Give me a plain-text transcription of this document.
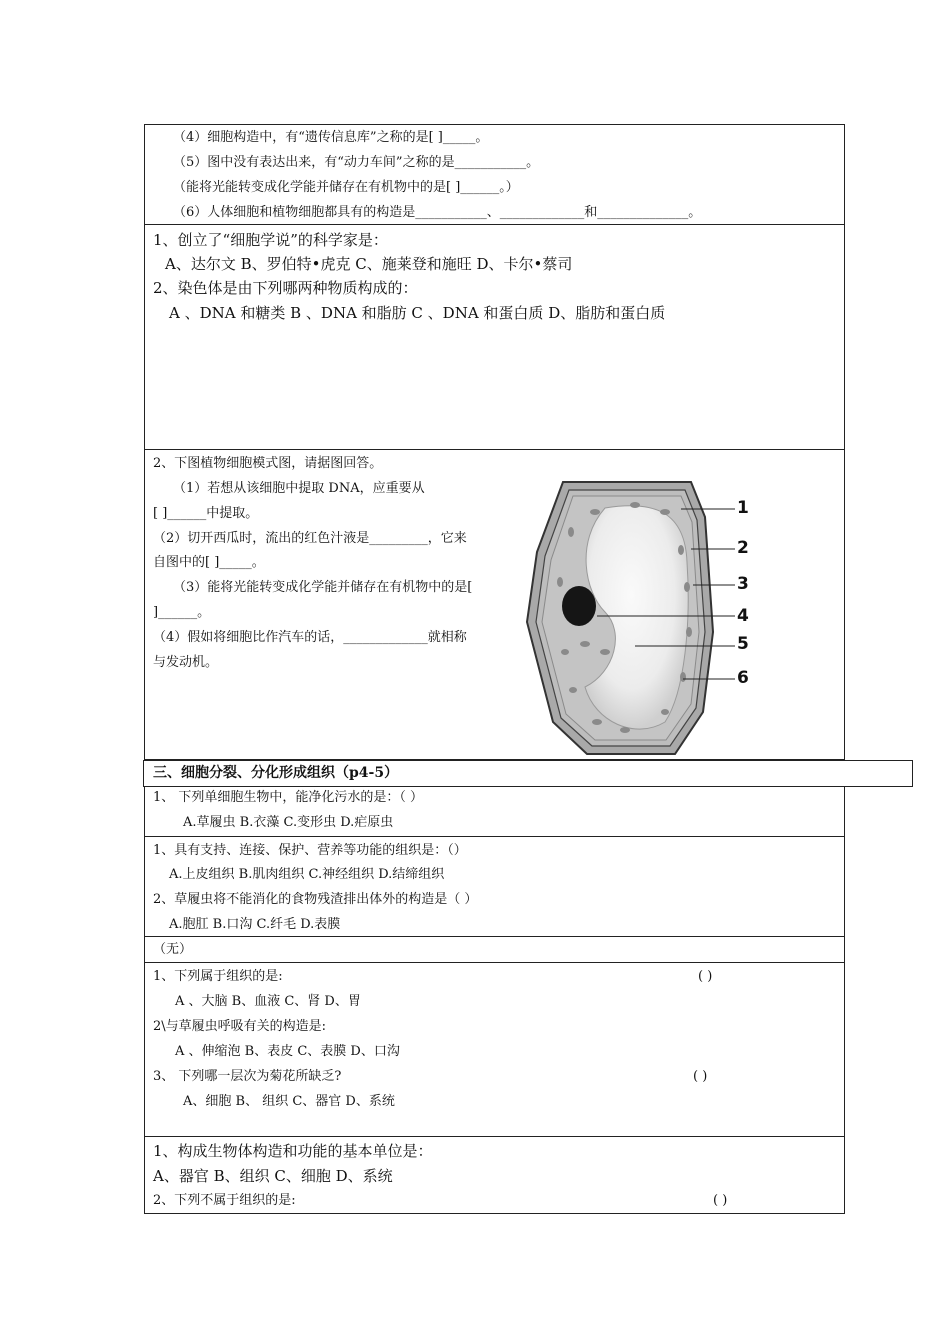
（4）细胞构造中，有“遗传信息库”之称的是[ ]_____。
（5）图中没有表达出来，有“动力车间”之称的是___________。
（能将光能转变成化学能并储存在有机物中的是[ ]______。）
（6）人体细胞和植物细胞都具有的构造是___________、_____________和______________。
1、创立了“细胞学说”的科学家是：
A、达尔文 B、罗伯特•虎克 C、施莱登和施旺 D、卡尔•蔡司
2、染色体是由下列哪两种物质构成的：
A 、DNA 和糖类 B 、DNA 和脂肪 C 、DNA 和蛋白质 D、脂肪和蛋白质
2、下图植物细胞模式图，请据图回答。
（1）若想从该细胞中提取 DNA，应重要从
[ ]______中提取。
（2）切开西瓜时，流出的红色汁液是_________，它来
自图中的[ ]_____。
（3）能将光能转变成化学能并储存在有机物中的是[
]______。
（4）假如将细胞比作汽车的话，_____________就相称
与发动机。
1
2
3
4
5
6
三、细胞分裂、分化形成组织（p4-5）
1、 下列单细胞生物中，能净化污水的是：（ ）
A.草履虫 B.衣藻 C.变形虫 D.疟原虫
1、具有支持、连接、保护、营养等功能的组织是：（）
A.上皮组织 B.肌肉组织 C.神经组织 D.结缔组织
2、草履虫将不能消化的食物残渣排出体外的构造是（ ）
A.胞肛 B.口沟 C.纤毛 D.表膜
（无）
1、下列属于组织的是:	( )
A 、大脑 B、血液 C、肾 D、胃
2\与草履虫呼吸有关的构造是:
A 、伸缩泡 B、表皮 C、表膜 D、口沟
3、 下列哪一层次为菊花所缺乏?	( )
A、细胞 B、 组织 C、器官 D、系统
1、构成生物体构造和功能的基本单位是：
A、器官 B、组织 C、细胞 D、系统
2、下列不属于组织的是:	( )
